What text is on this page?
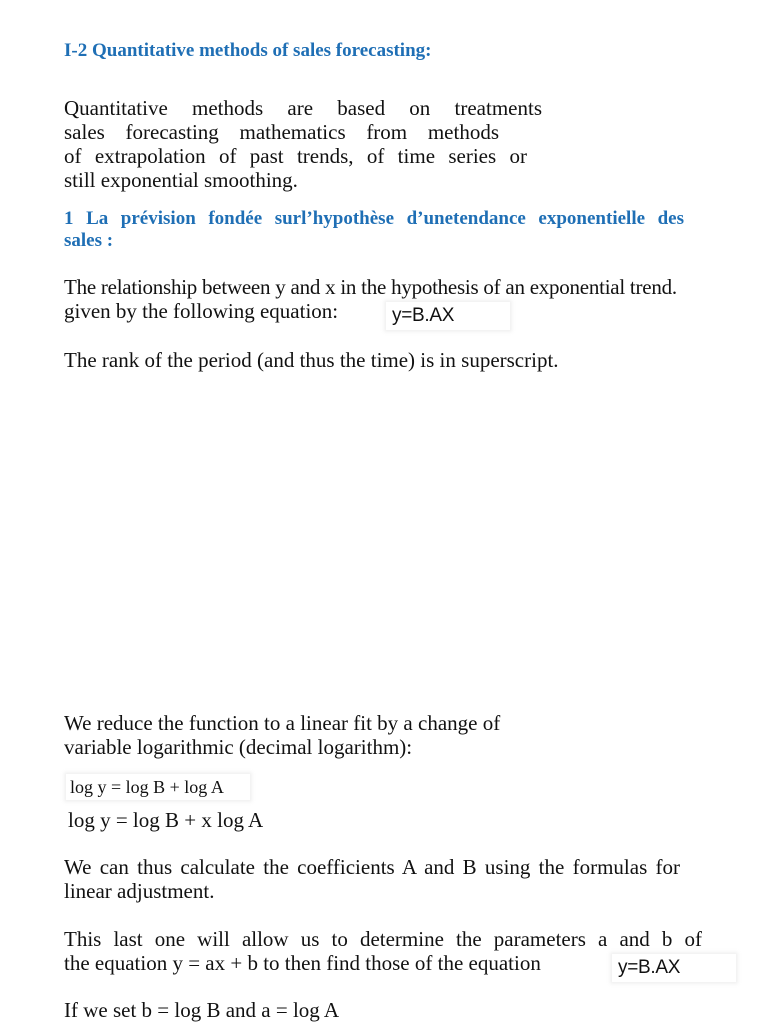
I-2 Quantitative methods of sales forecasting:
Quantitative methods are based on treatments
sales forecasting mathematics from methods
of extrapolation of past trends, of time series or
still exponential smoothing.
1 La prévision fondée surl’hypothèse d’unetendance exponentielle des
sales :
The relationship between y and x in the hypothesis of an exponential trend.
given by the following equation:	y=B.AX
The rank of the period (and thus the time) is in superscript.
We reduce the function to a linear fit by a change of
variable logarithmic (decimal logarithm):
log y = log B + log A
log y = log B + x log A
We can thus calculate the coefficients A and B using the formulas for
linear adjustment.
This last one will allow us to determine the parameters a and b of
the equation y = ax + b to then find those of the equation	y=B.AX
If we set b = log B and a = log A
